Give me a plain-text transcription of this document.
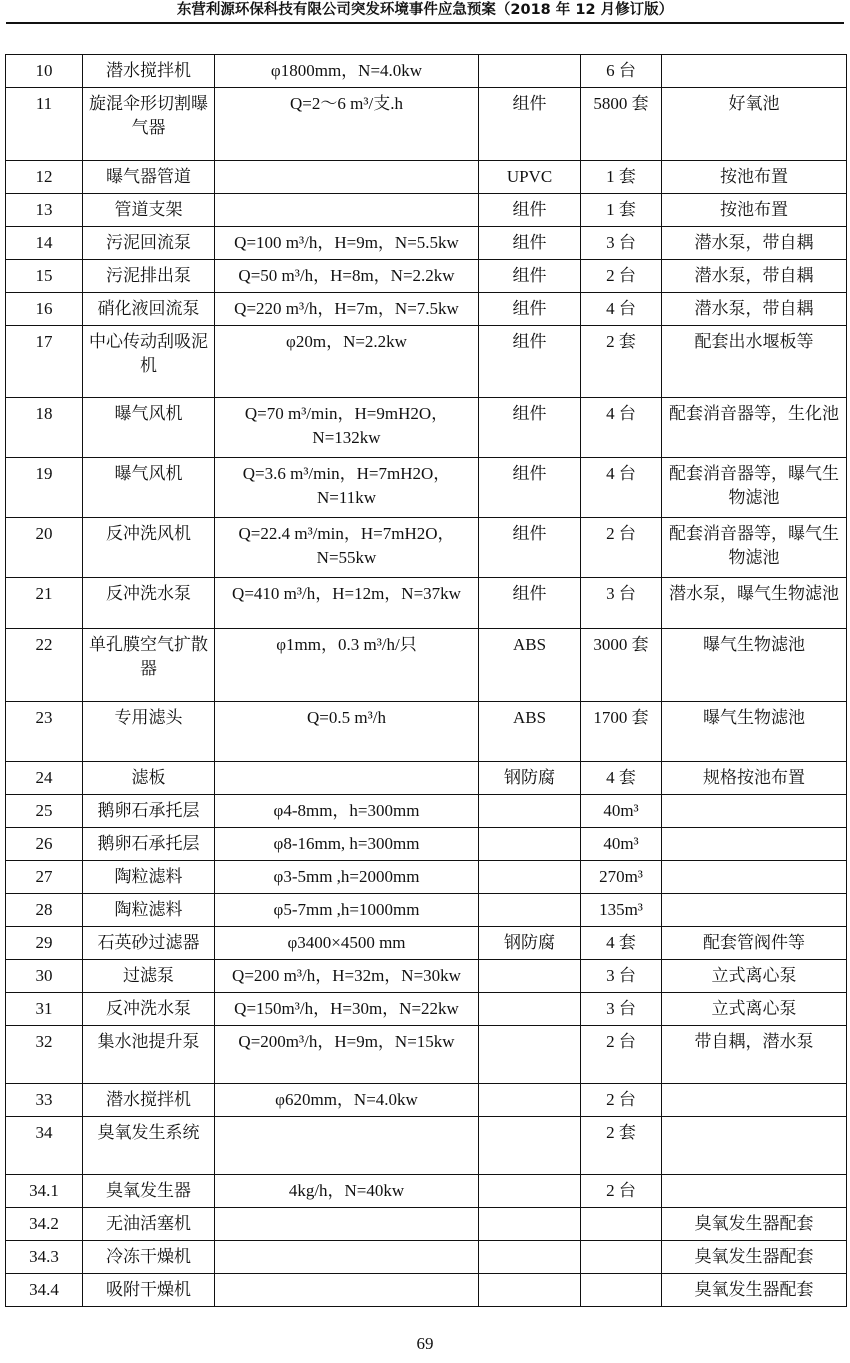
东营利源环保科技有限公司突发环境事件应急预案（2018 年 12 月修订版）
10	潜水搅拌机	φ1800mm，N=4.0kw		6 台	
11	旋混伞形切割曝气器	Q=2～6 m³/支.h	组件	5800 套	好氧池
12	曝气器管道		UPVC	1 套	按池布置
13	管道支架		组件	1 套	按池布置
14	污泥回流泵	Q=100 m³/h，H=9m，N=5.5kw	组件	3 台	潜水泵，带自耦
15	污泥排出泵	Q=50 m³/h，H=8m，N=2.2kw	组件	2 台	潜水泵，带自耦
16	硝化液回流泵	Q=220 m³/h，H=7m，N=7.5kw	组件	4 台	潜水泵，带自耦
17	中心传动刮吸泥机	φ20m，N=2.2kw	组件	2 套	配套出水堰板等
18	曝气风机	Q=70 m³/min，H=9mH2O，N=132kw	组件	4 台	配套消音器等，生化池
19	曝气风机	Q=3.6 m³/min，H=7mH2O，N=11kw	组件	4 台	配套消音器等，曝气生物滤池
20	反冲洗风机	Q=22.4 m³/min，H=7mH2O，N=55kw	组件	2 台	配套消音器等，曝气生物滤池
21	反冲洗水泵	Q=410 m³/h，H=12m，N=37kw	组件	3 台	潜水泵，曝气生物滤池
22	单孔膜空气扩散器	φ1mm，0.3 m³/h/只	ABS	3000 套	曝气生物滤池
23	专用滤头	Q=0.5 m³/h	ABS	1700 套	曝气生物滤池
24	滤板		钢防腐	4 套	规格按池布置
25	鹅卵石承托层	φ4-8mm，h=300mm		40m³	
26	鹅卵石承托层	φ8-16mm, h=300mm		40m³	
27	陶粒滤料	φ3-5mm ,h=2000mm		270m³	
28	陶粒滤料	φ5-7mm ,h=1000mm		135m³	
29	石英砂过滤器	φ3400×4500 mm	钢防腐	4 套	配套管阀件等
30	过滤泵	Q=200 m³/h，H=32m，N=30kw		3 台	立式离心泵
31	反冲洗水泵	Q=150m³/h，H=30m，N=22kw		3 台	立式离心泵
32	集水池提升泵	Q=200m³/h，H=9m，N=15kw		2 台	带自耦，潜水泵
33	潜水搅拌机	φ620mm，N=4.0kw		2 台	
34	臭氧发生系统			2 套	
34.1	臭氧发生器	4kg/h，N=40kw		2 台	
34.2	无油活塞机				臭氧发生器配套
34.3	冷冻干燥机				臭氧发生器配套
34.4	吸附干燥机				臭氧发生器配套
69
